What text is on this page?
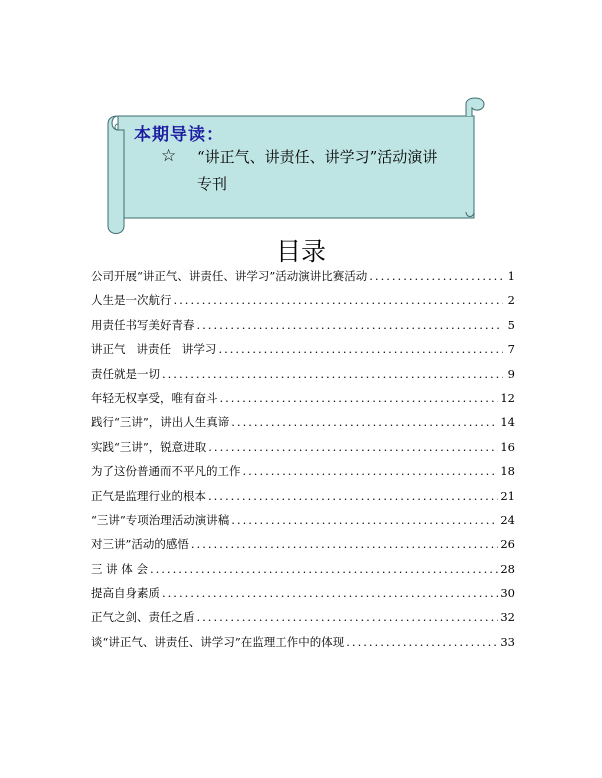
本期导读：
☆ “讲正气、讲责任、讲学习”活动演讲
专刊
目录
公司开展“讲正气、讲责任、讲学习”活动演讲比赛活动 .....	1
人生是一次航行 .....	2
用责任书写美好青春 .....	5
讲正气   讲责任   讲学习 .....	7
责任就是一切 .....	9
年轻无权享受，唯有奋斗 .....	12
践行“三讲”，讲出人生真谛 .....	14
实践“三讲”，锐意进取 .....	16
为了这份普通而不平凡的工作 .....	18
正气是监理行业的根本 .....	21
“三讲”专项治理活动演讲稿 .....	24
对三讲”活动的感悟 .....	26
三 讲 体 会 .....	28
提高自身素质 .....	30
正气之剑、责任之盾 .....	32
谈“讲正气、讲责任、讲学习”在监理工作中的体现 .....	33
